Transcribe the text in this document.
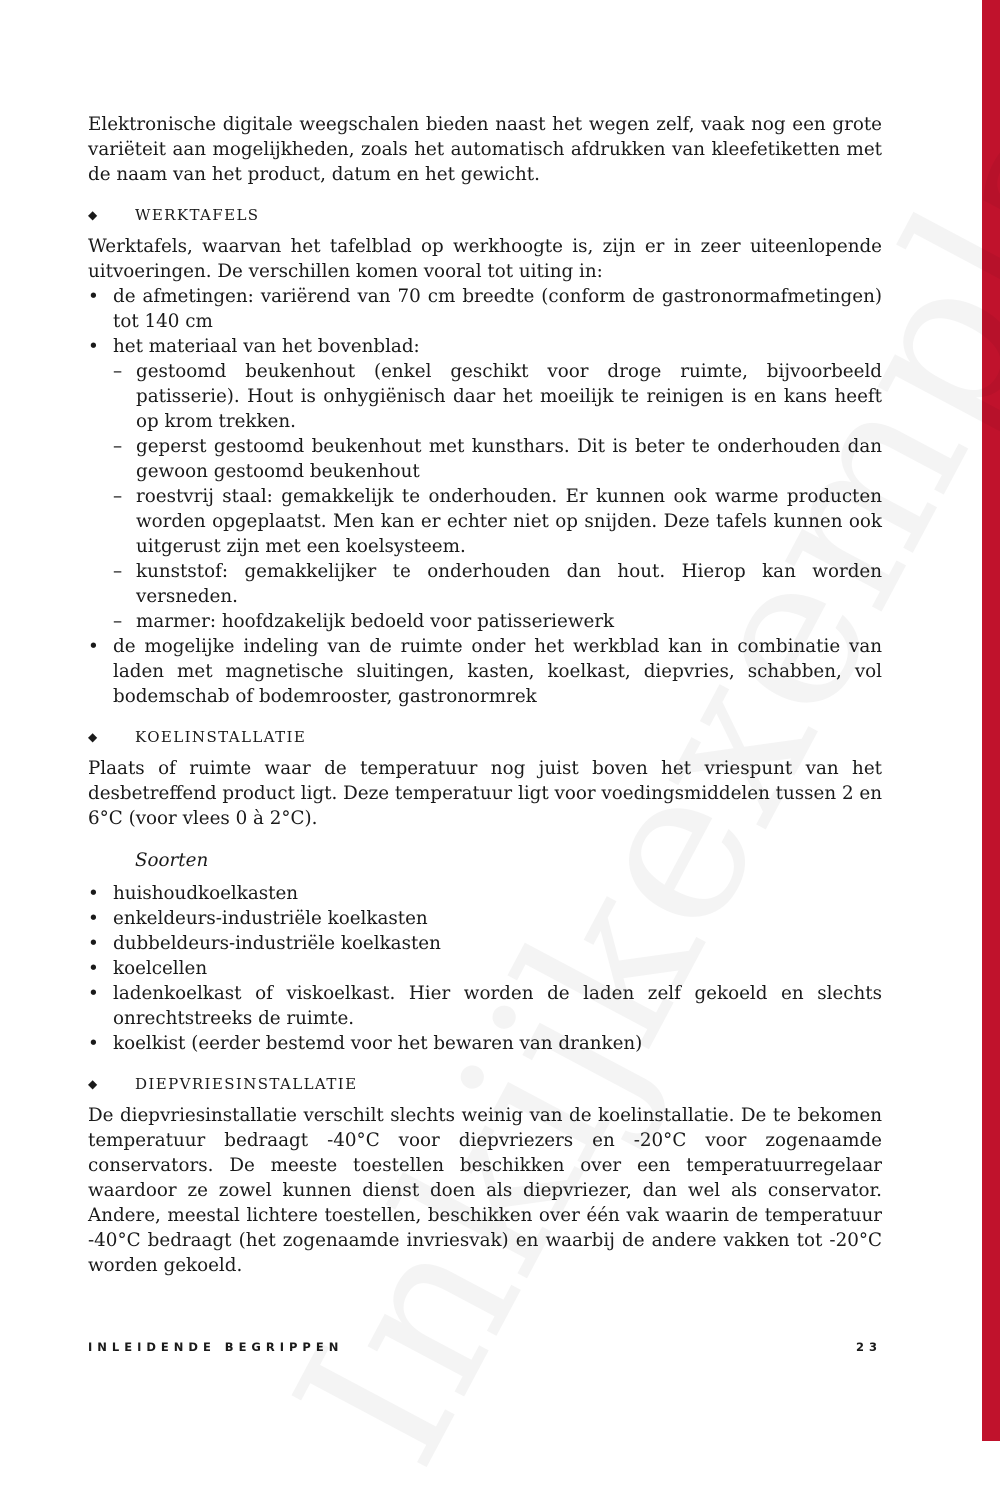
Elektronische digitale weegschalen bieden naast het wegen zelf, vaak nog een grote variëteit aan mogelijkheden, zoals het automatisch afdrukken van kleefetiketten met de naam van het product, datum en het gewicht.

◆	WERKTAFELS

Werktafels, waarvan het tafelblad op werkhoogte is, zijn er in zeer uiteenlopende uitvoeringen. De verschillen komen vooral tot uiting in:

• de afmetingen: variërend van 70 cm breedte (conform de gastronormafmetingen) tot 140 cm
• het materiaal van het bovenblad:
– gestoomd beukenhout (enkel geschikt voor droge ruimte, bijvoorbeeld patisserie). Hout is onhygiënisch daar het moeilijk te reinigen is en kans heeft op krom trekken.
– geperst gestoomd beukenhout met kunsthars. Dit is beter te onderhouden dan gewoon gestoomd beukenhout
– roestvrij staal: gemakkelijk te onderhouden. Er kunnen ook warme producten worden opgeplaatst. Men kan er echter niet op snijden. Deze tafels kunnen ook uitgerust zijn met een koelsysteem.
– kunststof: gemakkelijker te onderhouden dan hout. Hierop kan worden versneden.
– marmer: hoofdzakelijk bedoeld voor patisseriewerk
• de mogelijke indeling van de ruimte onder het werkblad kan in combinatie van laden met magnetische sluitingen, kasten, koelkast, diepvries, schabben, vol bodemschab of bodemrooster, gastronormrek
◆	KOELINSTALLATIE

Plaats of ruimte waar de temperatuur nog juist boven het vriespunt van het desbetreffend product ligt. Deze temperatuur ligt voor voedingsmiddelen tussen 2 en 6°C (voor vlees 0 à 2°C).

Soorten
• huishoudkoelkasten
• enkeldeurs-industriële koelkasten
• dubbeldeurs-industriële koelkasten
• koelcellen
• ladenkoelkast of viskoelkast. Hier worden de laden zelf gekoeld en slechts onrechtstreeks de ruimte.
• koelkist (eerder bestemd voor het bewaren van dranken)
◆	DIEPVRIESINSTALLATIE

De diepvriesinstallatie verschilt slechts weinig van de koelinstallatie. De te bekomen temperatuur bedraagt -40°C voor diepvriezers en -20°C voor zogenaamde conservators. De meeste toestellen beschikken over een temperatuurregelaar waardoor ze zowel kunnen dienst doen als diepvriezer, dan wel als conservator. Andere, meestal lichtere toestellen, beschikken over één vak waarin de temperatuur -40°C bedraagt (het zogenaamde invriesvak) en waarbij de andere vakken tot -20°C worden gekoeld.

INLEIDENDE BEGRIPPEN	23
